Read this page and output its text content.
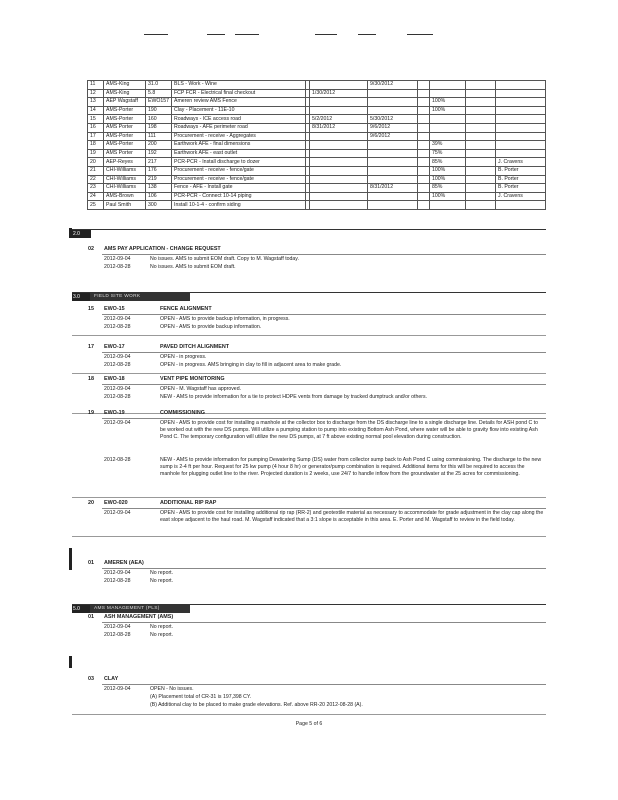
11	AMS-King	31.0	BLS - Work - Wine			9/30/2012				
12	AMS-King	5.8	FCP FCR - Electrical final checkout		1/30/2012					
13	AEP Wagstaff	EWO157	Ameren review AMS Fence					100%		
14	AMS-Porter	190	Clay - Placement - 11E-10					100%		
15	AMS-Porter	160	Roadways - ICE access road		5/2/2012	5/30/2012				
16	AMS Porter	198	Roadways - AFE perimeter road		8/31/2012	9/6/2012				
17	AMS-Porter	111	Procurement - receive - Aggregates			9/6/2012				
18	AMS-Porter	200	Earthwork AFE - final dimensions					39%		
19	AMS Porter	192	Earthwork AFE - east outlet					75%		
20	AEP-Reyes	217	PCR-PCR - Install discharge to dozer					85%		J. Cravens
21	CHI-Williams	176	Procurement - receive - fence/gate					100%		B. Porter
22	CHI-Williams	219	Procurement - receive - fence/gate					100%		B. Porter
23	CHI-Williams	138	Fence - AFE - Install gate			8/31/2012		85%		B. Porter
24	AMS-Brown	106	PCR-PCR - Connect 10-14 piping					100%		J. Cravens
25	Paul Smith	300	Install 10-1-4 - confirm siding							
2.0
02 AMS PAY APPLICATION - CHANGE REQUEST
2012-09-04	No issues. AMS to submit EOM draft. Copy to M. Wagstaff today.
2012-08-28	No issues. AMS to submit EOM draft.
3.0	FIELD SITE WORK
15 EWO-15	FENCE ALIGNMENT
2012-09-04	OPEN - AMS to provide backup information, in progress.
2012-08-28	OPEN - AMS to provide backup information.
17 EWO-17	PAVED DITCH ALIGNMENT
2012-09-04	OPEN - in progress.
2012-08-28	OPEN - in progress. AMS bringing in clay to fill in adjacent area to make grade.
18 EWO-18	VENT PIPE MONITORING
2012-09-04	OPEN - M. Wagstaff has approved.
2012-08-28	NEW - AMS to provide information for a tie to protect HDPE vents from damage by tracked dumptruck and/or others.
19 EWO-19	COMMISSIONING
2012-09-04	OPEN - AMS to provide cost for installing a manhole at the collector box to discharge from the DS discharge line to a single discharge line. Details for ASH pond C to be worked out with the new DS pumps. Will utilize a pumping station to pump into existing Bottom Ash Pond, where water will be able to gravity flow into existing Ash Pond C. The temporary configuration will utilize the new DS pumps, at 7 ft above existing normal pool elevation during construction.
2012-08-28	NEW - AMS to provide information for pumping Dewatering Sump (DS) water from collector sump back to Ash Pond C using commissioning. The discharge to the new sump is 2-4 ft per hour. Request for 25 kw pump (4 hour 8 hr) or generator/pump combination is required. Additional items for this will be required to access the manhole for plugging outlet line to the river. Projected duration is 2 weeks, use 24/7 to handle inflow from the groundwater at the 25 acres for commissioning.
20 EWO-020	ADDITIONAL RIP RAP
2012-09-04	OPEN - AMS to provide cost for installing additional rip rap (RR-2) and geotextile material as necessary to accommodate for grade adjustment in the clay cap along the east slope adjacent to the haul road. M. Wagstaff indicated that a 3:1 slope is acceptable in this area. E. Porter and M. Wagstaff to review in the field today.
01 AMEREN (AEA)
2012-09-04	No report.
2012-08-28	No report.
5.0	AMS MANAGEMENT (PLS)
01 ASH MANAGEMENT (AMS)
2012-09-04	No report.
2012-08-28	No report.
03 CLAY
2012-09-04	OPEN - No issues.
(A) Placement total of CR-31 is 197,398 CY.
(B) Additional clay to be placed to make grade elevations. Ref. above RR-20 2012-08-28 (A).
Page 5 of 6
